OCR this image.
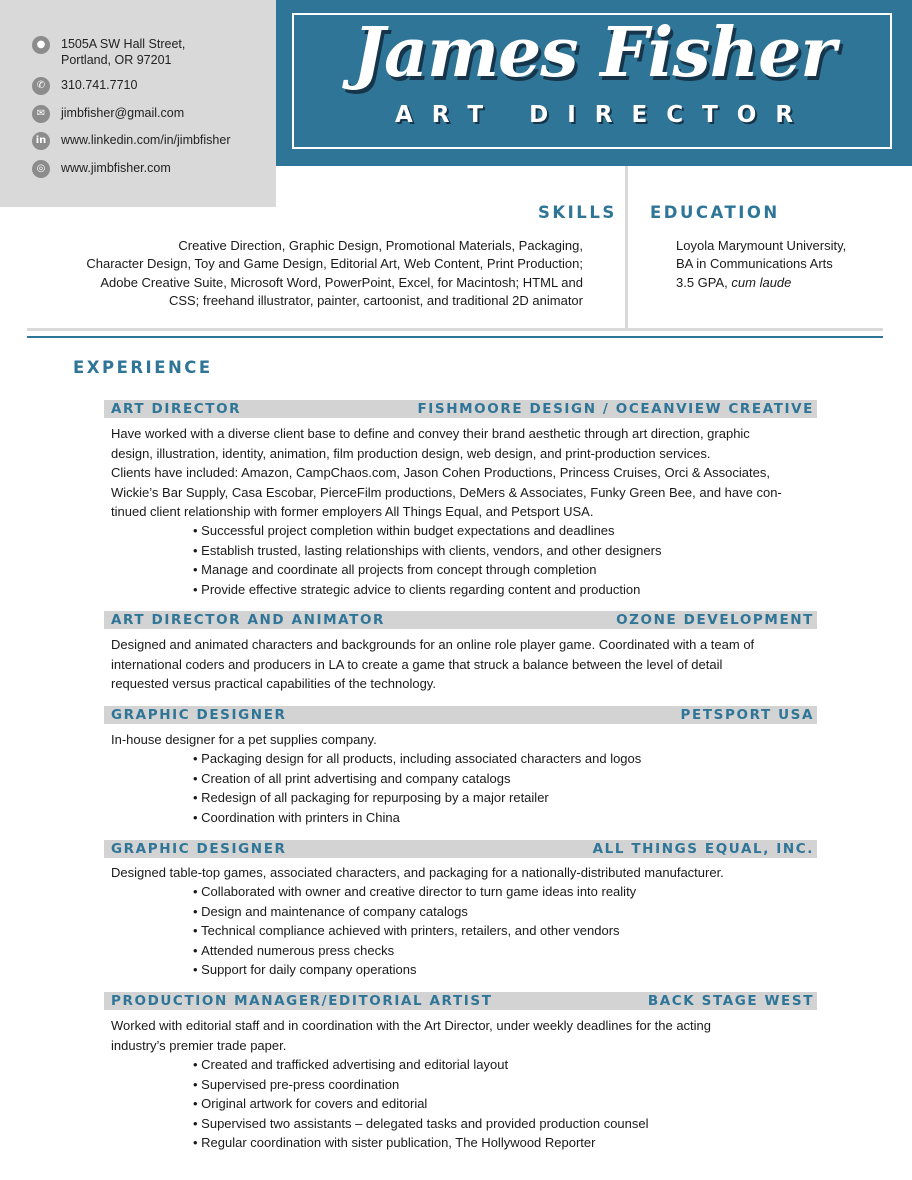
●	1505A SW Hall Street,
Portland, OR 97201
✆	310.741.7710
✉	jimbfisher@gmail.com
in www.linkedin.com/in/jimbfisher
◎	www.jimbfisher.com
James Fisher
ART DIRECTOR
SKILLS
Creative Direction, Graphic Design, Promotional Materials, Packaging,
Character Design, Toy and Game Design, Editorial Art, Web Content, Print Production;
Adobe Creative Suite, Microsoft Word, PowerPoint, Excel, for Macintosh; HTML and
CSS; freehand illustrator, painter, cartoonist, and traditional 2D animator
EDUCATION
Loyola Marymount University,
BA in Communications Arts
3.5 GPA, cum laude
EXPERIENCE
ART DIRECTOR	FISHMOORE DESIGN / OCEANVIEW CREATIVE
Have worked with a diverse client base to define and convey their brand aesthetic through art direction, graphic
design, illustration, identity, animation, film production design, web design, and print-production services.
Clients have included: Amazon, CampChaos.com, Jason Cohen Productions, Princess Cruises, Orci & Associates,
Wickie’s Bar Supply, Casa Escobar, PierceFilm productions, DeMers & Associates, Funky Green Bee, and have con-
tinued client relationship with former employers All Things Equal, and Petsport USA.
• Successful project completion within budget expectations and deadlines
• Establish trusted, lasting relationships with clients, vendors, and other designers
• Manage and coordinate all projects from concept through completion
• Provide effective strategic advice to clients regarding content and production
ART DIRECTOR AND ANIMATOR	OZONE DEVELOPMENT
Designed and animated characters and backgrounds for an online role player game. Coordinated with a team of
international coders and producers in LA to create a game that struck a balance between the level of detail
requested versus practical capabilities of the technology.
GRAPHIC DESIGNER	PETSPORT USA
In-house designer for a pet supplies company.
• Packaging design for all products, including associated characters and logos
• Creation of all print advertising and company catalogs
• Redesign of all packaging for repurposing by a major retailer
• Coordination with printers in China
GRAPHIC DESIGNER	ALL THINGS EQUAL, INC.
Designed table-top games, associated characters, and packaging for a nationally-distributed manufacturer.
• Collaborated with owner and creative director to turn game ideas into reality
• Design and maintenance of company catalogs
• Technical compliance achieved with printers, retailers, and other vendors
• Attended numerous press checks
• Support for daily company operations
PRODUCTION MANAGER/EDITORIAL ARTIST	BACK STAGE WEST
Worked with editorial staff and in coordination with the Art Director, under weekly deadlines for the acting
industry’s premier trade paper.
• Created and trafficked advertising and editorial layout
• Supervised pre-press coordination
• Original artwork for covers and editorial
• Supervised two assistants – delegated tasks and provided production counsel
• Regular coordination with sister publication, The Hollywood Reporter
